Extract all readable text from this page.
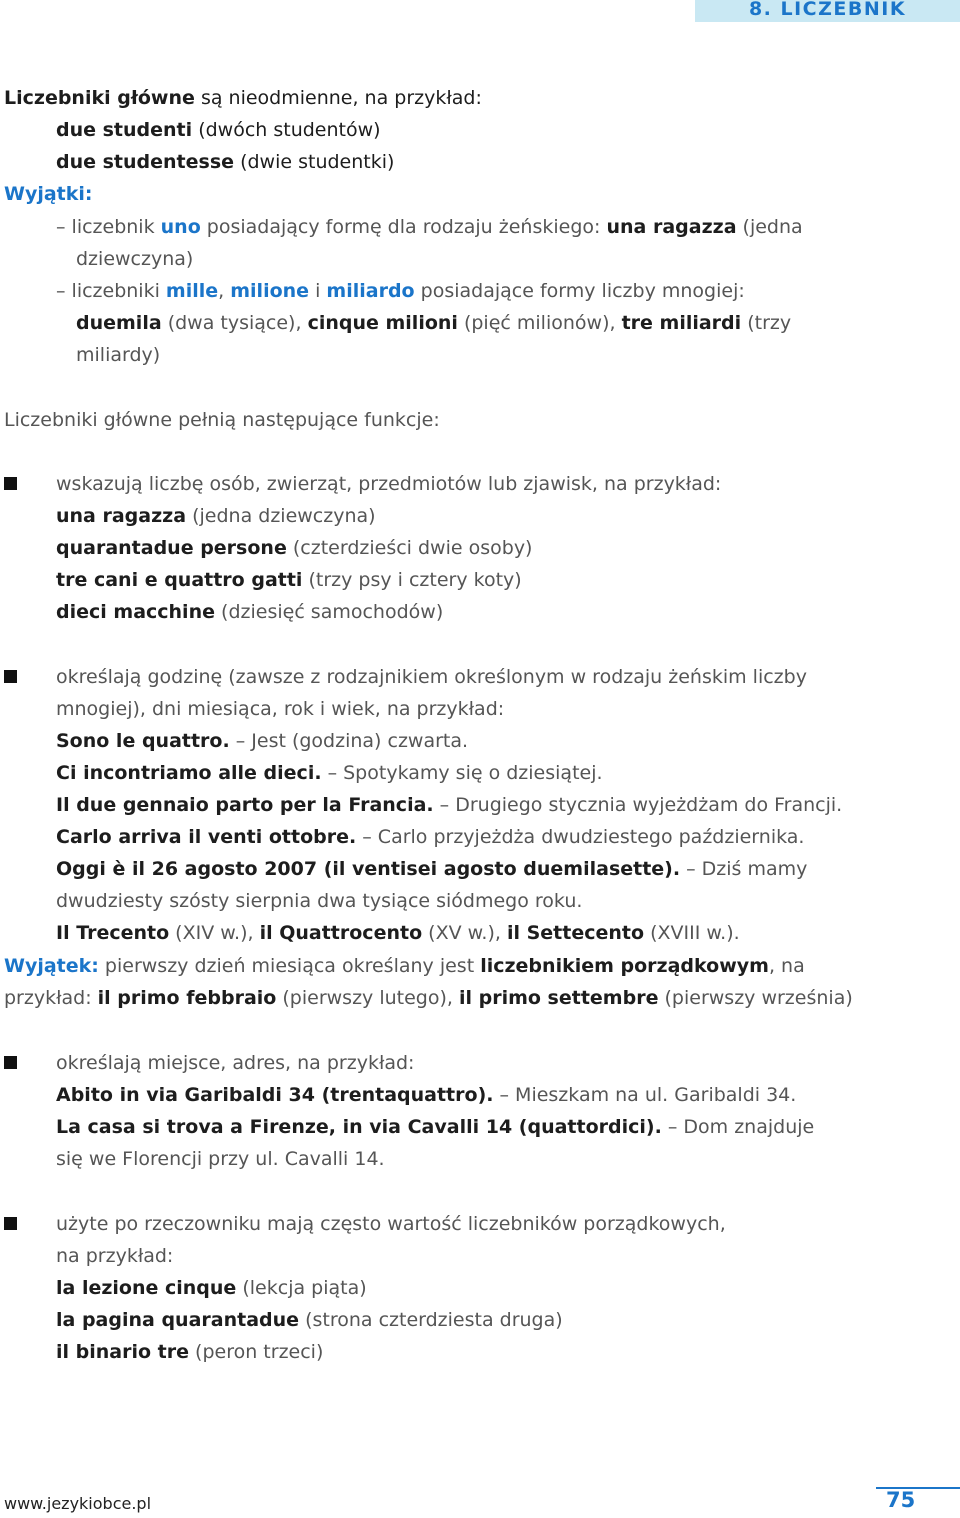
8. LICZEBNIK
Liczebniki główne są nieodmienne, na przykład:
due studenti (dwóch studentów)
due studentesse (dwie studentki)
Wyjątki:
– liczebnik uno posiadający formę dla rodzaju żeńskiego: una ragazza (jedna
dziewczyna)
– liczebniki mille, milione i miliardo posiadające formy liczby mnogiej:
duemila (dwa tysiące), cinque milioni (pięć milionów), tre miliardi (trzy
miliardy)
Liczebniki główne pełnią następujące funkcje:
wskazują liczbę osób, zwierząt, przedmiotów lub zjawisk, na przykład:
una ragazza (jedna dziewczyna)
quarantadue persone (czterdzieści dwie osoby)
tre cani e quattro gatti (trzy psy i cztery koty)
dieci macchine (dziesięć samochodów)
określają godzinę (zawsze z rodzajnikiem określonym w rodzaju żeńskim liczby
mnogiej), dni miesiąca, rok i wiek, na przykład:
Sono le quattro. – Jest (godzina) czwarta.
Ci incontriamo alle dieci. – Spotykamy się o dziesiątej.
Il due gennaio parto per la Francia. – Drugiego stycznia wyjeżdżam do Francji.
Carlo arriva il venti ottobre. – Carlo przyjeżdża dwudziestego października.
Oggi è il 26 agosto 2007 (il ventisei agosto duemilasette). – Dziś mamy
dwudziesty szósty sierpnia dwa tysiące siódmego roku.
Il Trecento (XIV w.), il Quattrocento (XV w.), il Settecento (XVIII w.).
Wyjątek: pierwszy dzień miesiąca określany jest liczebnikiem porządkowym, na
przykład: il primo febbraio (pierwszy lutego), il primo settembre (pierwszy września)
określają miejsce, adres, na przykład:
Abito in via Garibaldi 34 (trentaquattro). – Mieszkam na ul. Garibaldi 34.
La casa si trova a Firenze, in via Cavalli 14 (quattordici). – Dom znajduje
się we Florencji przy ul. Cavalli 14.
użyte po rzeczowniku mają często wartość liczebników porządkowych,
na przykład:
la lezione cinque (lekcja piąta)
la pagina quarantadue (strona czterdziesta druga)
il binario tre (peron trzeci)
www.jezykiobce.pl	75
